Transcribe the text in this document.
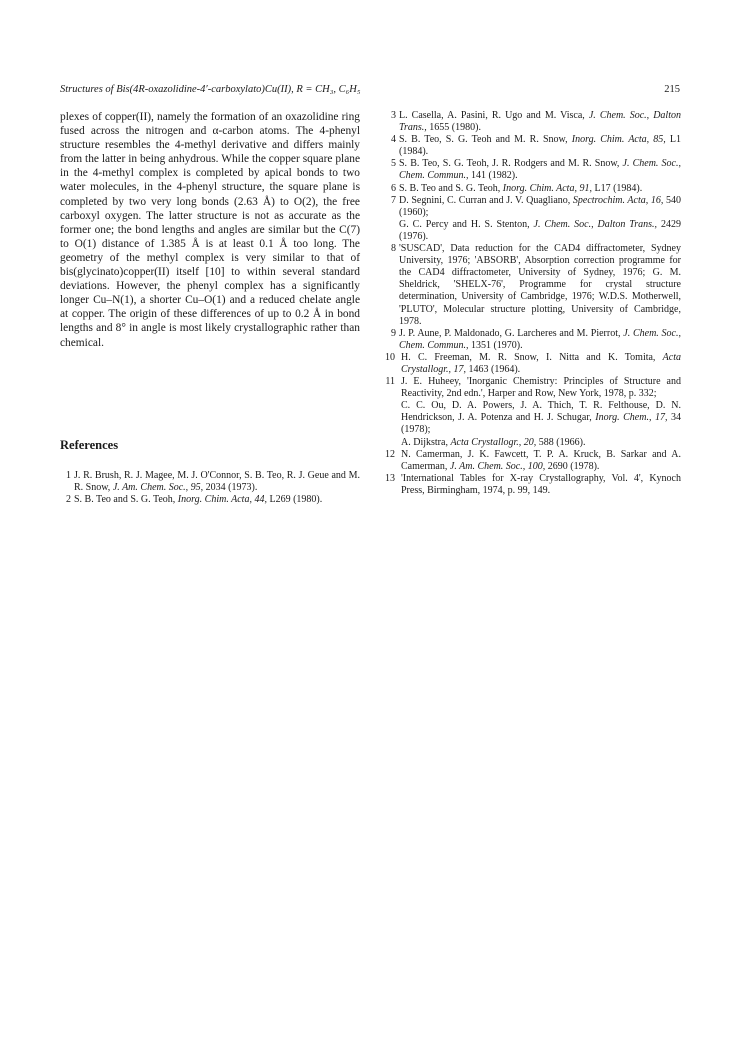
Structures of Bis(4R-oxazolidine-4′-carboxylato)Cu(II), R = CH₃, C₆H₅	215

plexes of copper(II), namely the formation of an oxazolidine ring fused across the nitrogen and α-carbon atoms. The 4-phenyl structure resembles the 4-methyl derivative and differs mainly from the latter in being anhydrous. While the copper square plane in the 4-methyl complex is completed by apical bonds to two water molecules, in the 4-phenyl structure, the square plane is completed by two very long bonds (2.63 Å) to O(2), the free carboxyl oxygen. The latter structure is not as accurate as the former one; the bond lengths and angles are similar but the C(7) to O(1) distance of 1.385 Å is at least 0.1 Å too long. The geometry of the methyl complex is very similar to that of bis(glycinato)copper(II) itself [10] to within several standard deviations. However, the phenyl complex has a significantly longer Cu–N(1), a shorter Cu–O(1) and a reduced chelate angle at copper. The origin of these differences of up to 0.2 Å in bond lengths and 8° in angle is most likely crystallographic rather than chemical.

References
1 J. R. Brush, R. J. Magee, M. J. O'Connor, S. B. Teo, R. J. Geue and M. R. Snow, J. Am. Chem. Soc., 95, 2034 (1973).
2 S. B. Teo and S. G. Teoh, Inorg. Chim. Acta, 44, L269 (1980).
3 L. Casella, A. Pasini, R. Ugo and M. Visca, J. Chem. Soc., Dalton Trans., 1655 (1980).
4 S. B. Teo, S. G. Teoh and M. R. Snow, Inorg. Chim. Acta, 85, L1 (1984).
5 S. B. Teo, S. G. Teoh, J. R. Rodgers and M. R. Snow, J. Chem. Soc., Chem. Commun., 141 (1982).
6 S. B. Teo and S. G. Teoh, Inorg. Chim. Acta, 91, L17 (1984).
7 D. Segnini, C. Curran and J. V. Quagliano, Spectrochim. Acta, 16, 540 (1960);
G. C. Percy and H. S. Stenton, J. Chem. Soc., Dalton Trans., 2429 (1976).
8 'SUSCAD', Data reduction for the CAD4 diffractometer, Sydney University, 1976; 'ABSORB', Absorption correction programme for the CAD4 diffractometer, University of Sydney, 1976; G. M. Sheldrick, 'SHELX-76', Programme for crystal structure determination, University of Cambridge, 1976; W.D.S. Motherwell, 'PLUTO', Molecular structure plotting, University of Cambridge, 1978.
9 J. P. Aune, P. Maldonado, G. Larcheres and M. Pierrot, J. Chem. Soc., Chem. Commun., 1351 (1970).
10 H. C. Freeman, M. R. Snow, I. Nitta and K. Tomita, Acta Crystallogr., 17, 1463 (1964).
11 J. E. Huheey, 'Inorganic Chemistry: Principles of Structure and Reactivity, 2nd edn.', Harper and Row, New York, 1978, p. 332;
C. C. Ou, D. A. Powers, J. A. Thich, T. R. Felthouse, D. N. Hendrickson, J. A. Potenza and H. J. Schugar, Inorg. Chem., 17, 34 (1978);
A. Dijkstra, Acta Crystallogr., 20, 588 (1966).
12 N. Camerman, J. K. Fawcett, T. P. A. Kruck, B. Sarkar and A. Camerman, J. Am. Chem. Soc., 100, 2690 (1978).
13 'International Tables for X-ray Crystallography, Vol. 4', Kynoch Press, Birmingham, 1974, p. 99, 149.
